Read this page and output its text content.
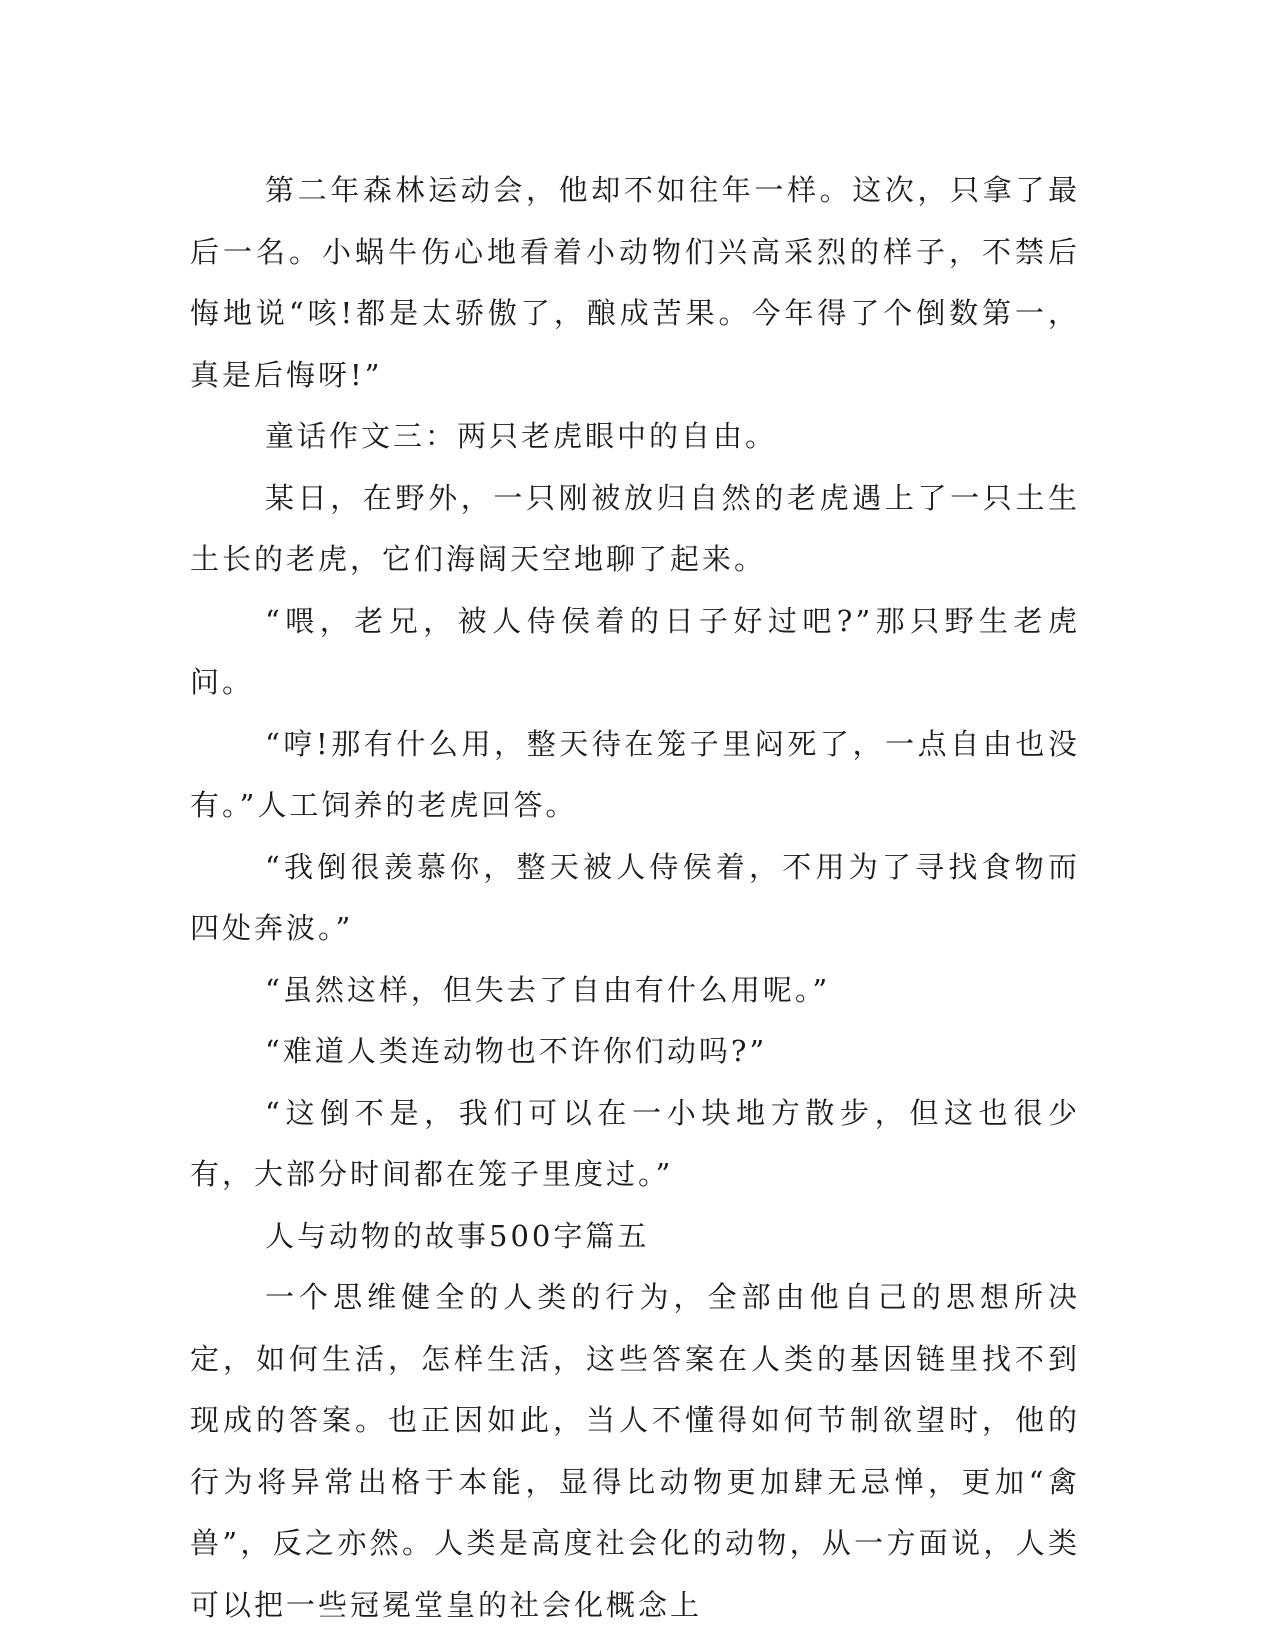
第二年森林运动会，他却不如往年一样。这次，只拿了最后一名。小蜗牛伤心地看着小动物们兴高采烈的样子，不禁后悔地说“咳!都是太骄傲了，酿成苦果。今年得了个倒数第一，真是后悔呀!”

童话作文三：两只老虎眼中的自由。

某日，在野外，一只刚被放归自然的老虎遇上了一只土生土长的老虎，它们海阔天空地聊了起来。

“喂，老兄，被人侍侯着的日子好过吧?”那只野生老虎问。

“哼!那有什么用，整天待在笼子里闷死了，一点自由也没有。”人工饲养的老虎回答。

“我倒很羡慕你，整天被人侍侯着，不用为了寻找食物而四处奔波。”

“虽然这样，但失去了自由有什么用呢。”

“难道人类连动物也不许你们动吗?”

“这倒不是，我们可以在一小块地方散步，但这也很少有，大部分时间都在笼子里度过。”

人与动物的故事500字篇五

一个思维健全的人类的行为，全部由他自己的思想所决定，如何生活，怎样生活，这些答案在人类的基因链里找不到现成的答案。也正因如此，当人不懂得如何节制欲望时，他的行为将异常出格于本能，显得比动物更加肆无忌惮，更加“禽兽”，反之亦然。人类是高度社会化的动物，从一方面说，人类可以把一些冠冕堂皇的社会化概念上
